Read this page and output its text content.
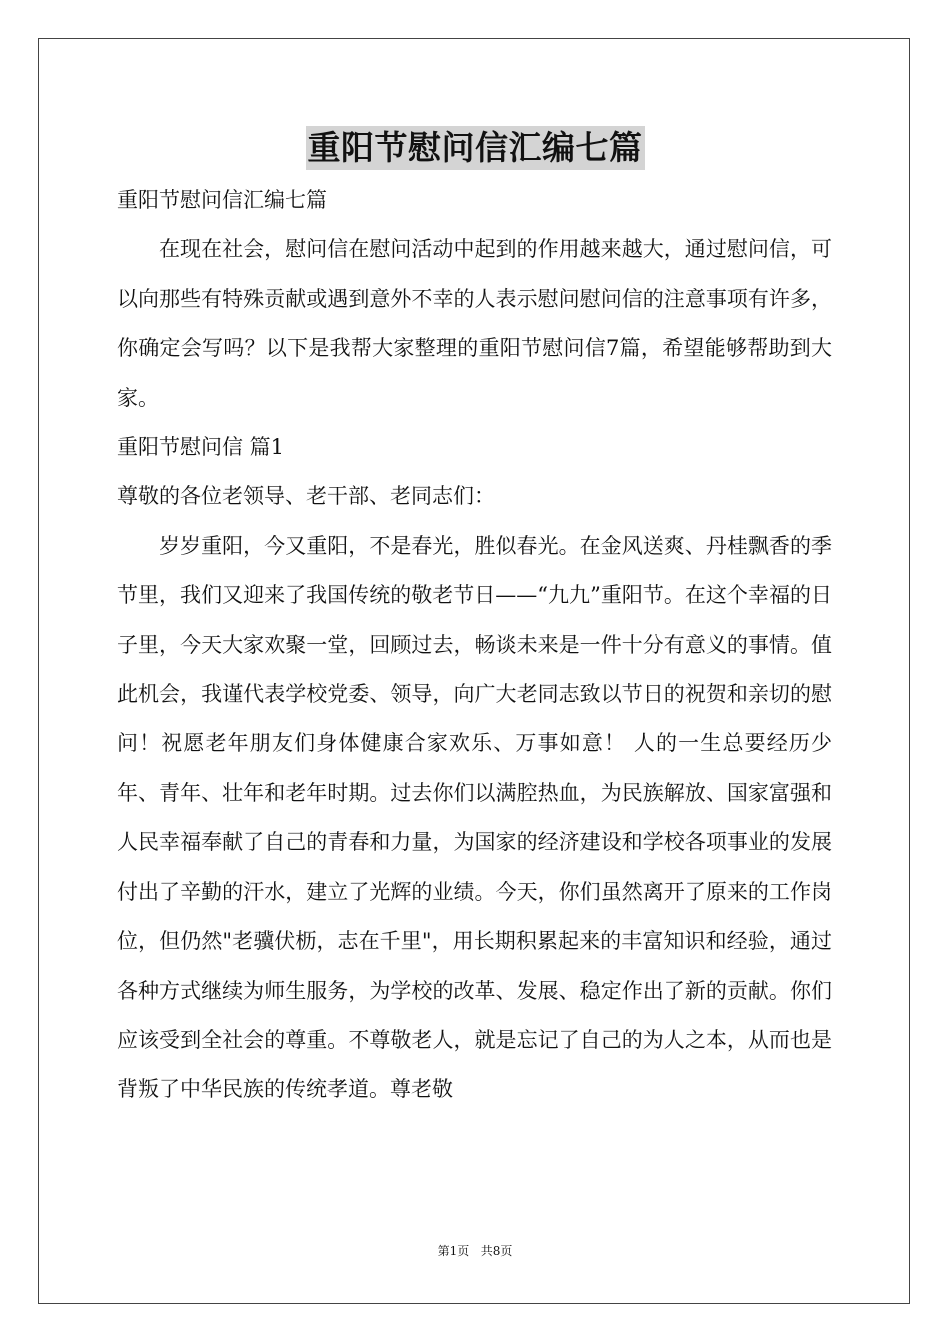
重阳节慰问信汇编七篇

重阳节慰问信汇编七篇

在现在社会，慰问信在慰问活动中起到的作用越来越大，通过慰问信，可以向那些有特殊贡献或遇到意外不幸的人表示慰问慰问信的注意事项有许多，你确定会写吗？以下是我帮大家整理的重阳节慰问信7篇，希望能够帮助到大家。

重阳节慰问信 篇1

尊敬的各位老领导、老干部、老同志们：

岁岁重阳，今又重阳，不是春光，胜似春光。在金风送爽、丹桂飘香的季节里，我们又迎来了我国传统的敬老节日——“九九”重阳节。在这个幸福的日子里，今天大家欢聚一堂，回顾过去，畅谈未来是一件十分有意义的事情。值此机会，我谨代表学校党委、领导，向广大老同志致以节日的祝贺和亲切的慰问！祝愿老年朋友们身体健康合家欢乐、万事如意！ 人的一生总要经历少年、青年、壮年和老年时期。过去你们以满腔热血，为民族解放、国家富强和人民幸福奉献了自己的青春和力量，为国家的经济建设和学校各项事业的发展付出了辛勤的汗水，建立了光辉的业绩。今天，你们虽然离开了原来的工作岗位，但仍然"老骥伏枥，志在千里"，用长期积累起来的丰富知识和经验，通过各种方式继续为师生服务，为学校的改革、发展、稳定作出了新的贡献。你们应该受到全社会的尊重。不尊敬老人，就是忘记了自己的为人之本，从而也是背叛了中华民族的传统孝道。尊老敬

第1页 共8页
